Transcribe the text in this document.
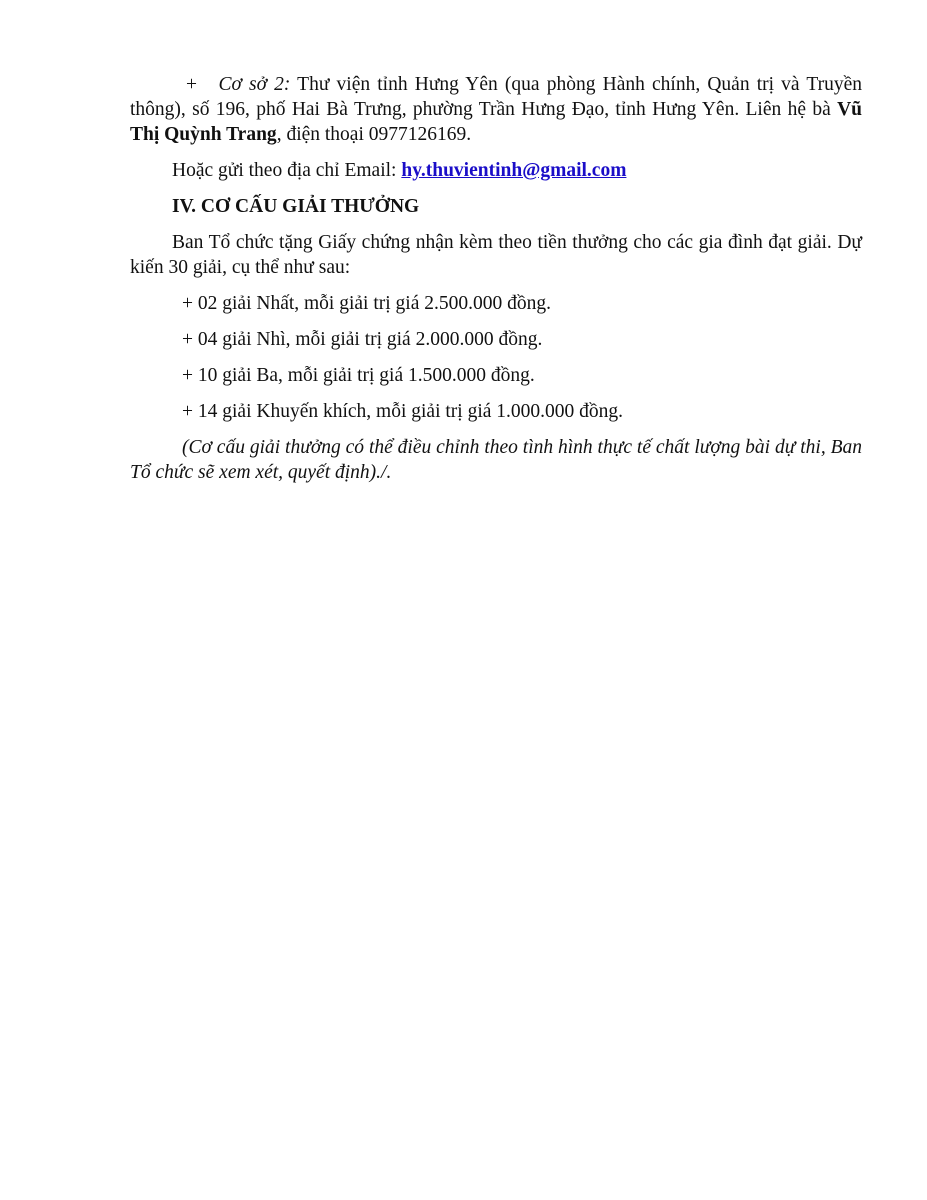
+ Cơ sở 2: Thư viện tỉnh Hưng Yên (qua phòng Hành chính, Quản trị và Truyền thông), số 196, phố Hai Bà Trưng, phường Trần Hưng Đạo, tỉnh Hưng Yên. Liên hệ bà Vũ Thị Quỳnh Trang, điện thoại 0977126169.

Hoặc gửi theo địa chỉ Email: hy.thuvientinh@gmail.com

IV. CƠ CẤU GIẢI THƯỞNG

Ban Tổ chức tặng Giấy chứng nhận kèm theo tiền thưởng cho các gia đình đạt giải. Dự kiến 30 giải, cụ thể như sau:

+ 02 giải Nhất, mỗi giải trị giá 2.500.000 đồng.

+ 04 giải Nhì, mỗi giải trị giá 2.000.000 đồng.

+ 10 giải Ba, mỗi giải trị giá 1.500.000 đồng.

+ 14 giải Khuyến khích, mỗi giải trị giá 1.000.000 đồng.

(Cơ cấu giải thưởng có thể điều chỉnh theo tình hình thực tế chất lượng bài dự thi, Ban Tổ chức sẽ xem xét, quyết định)./.
